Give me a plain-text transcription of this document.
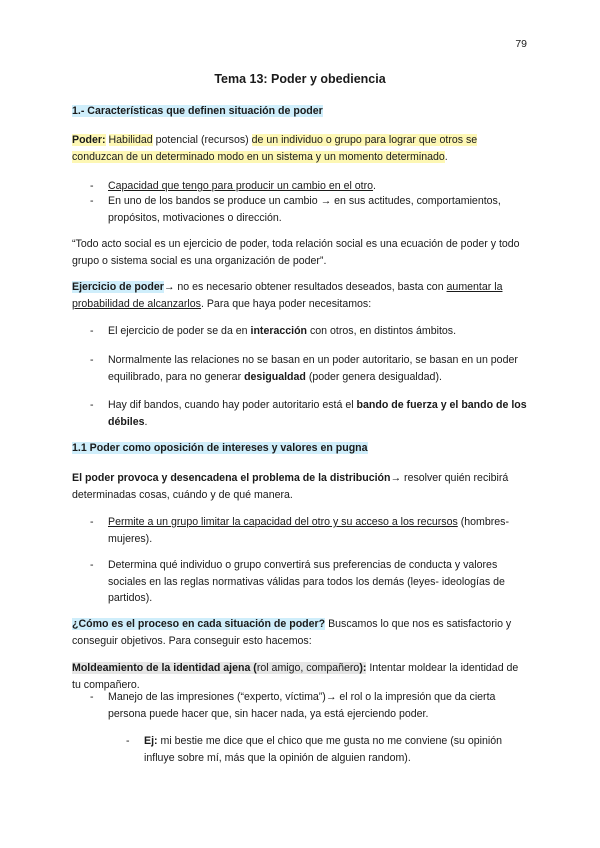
79
Tema 13: Poder y obediencia
1.- Características que definen situación de poder
Poder: Habilidad potencial (recursos) de un individuo o grupo para lograr que otros se conduzcan de un determinado modo en un sistema y un momento determinado.
- Capacidad que tengo para producir un cambio en el otro.
- En uno de los bandos se produce un cambio → en sus actitudes, comportamientos, propósitos, motivaciones o dirección.
“Todo acto social es un ejercicio de poder, toda relación social es una ecuación de poder y todo grupo o sistema social es una organización de poder”.
Ejercicio de poder→ no es necesario obtener resultados deseados, basta con aumentar la probabilidad de alcanzarlos. Para que haya poder necesitamos:
- El ejercicio de poder se da en interacción con otros, en distintos ámbitos.
- Normalmente las relaciones no se basan en un poder autoritario, se basan en un poder equilibrado, para no generar desigualdad (poder genera desigualdad).
- Hay dif bandos, cuando hay poder autoritario está el bando de fuerza y el bando de los débiles.
1.1 Poder como oposición de intereses y valores en pugna
El poder provoca y desencadena el problema de la distribución→ resolver quién recibirá determinadas cosas, cuándo y de qué manera.
- Permite a un grupo limitar la capacidad del otro y su acceso a los recursos (hombres-mujeres).
- Determina qué individuo o grupo convertirá sus preferencias de conducta y valores sociales en las reglas normativas válidas para todos los demás (leyes- ideologías de partidos).
¿Cómo es el proceso en cada situación de poder? Buscamos lo que nos es satisfactorio y conseguir objetivos. Para conseguir esto hacemos:
Moldeamiento de la identidad ajena (rol amigo, compañero): Intentar moldear la identidad de tu compañero.
- Manejo de las impresiones (“experto, víctima”)→ el rol o la impresión que da cierta persona puede hacer que, sin hacer nada, ya está ejerciendo poder.
- Ej: mi bestie me dice que el chico que me gusta no me conviene (su opinión influye sobre mí, más que la opinión de alguien random).
